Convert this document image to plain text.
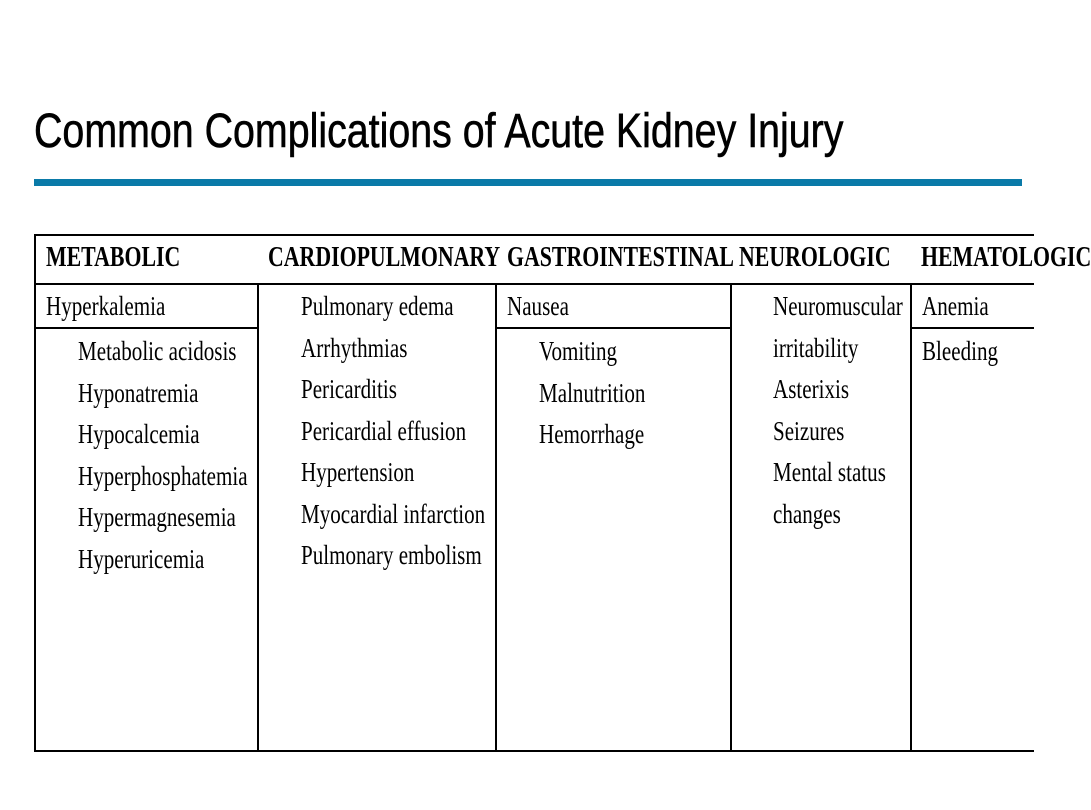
Common Complications of Acute Kidney Injury
METABOLIC	CARDIOPULMONARY GASTROINTESTINAL NEUROLOGIC HEMATOLOGIC
Hyperkalemia
Metabolic acidosis
Hyponatremia
Hypocalcemia
Hyperphosphatemia
Hypermagnesemia
Hyperuricemia
Pulmonary edema
Arrhythmias
Pericarditis
Pericardial effusion
Hypertension
Myocardial infarction
Pulmonary embolism
Nausea
Vomiting
Malnutrition
Hemorrhage
Neuromuscular
irritability
Asterixis
Seizures
Mental status
changes
Anemia
Bleeding
